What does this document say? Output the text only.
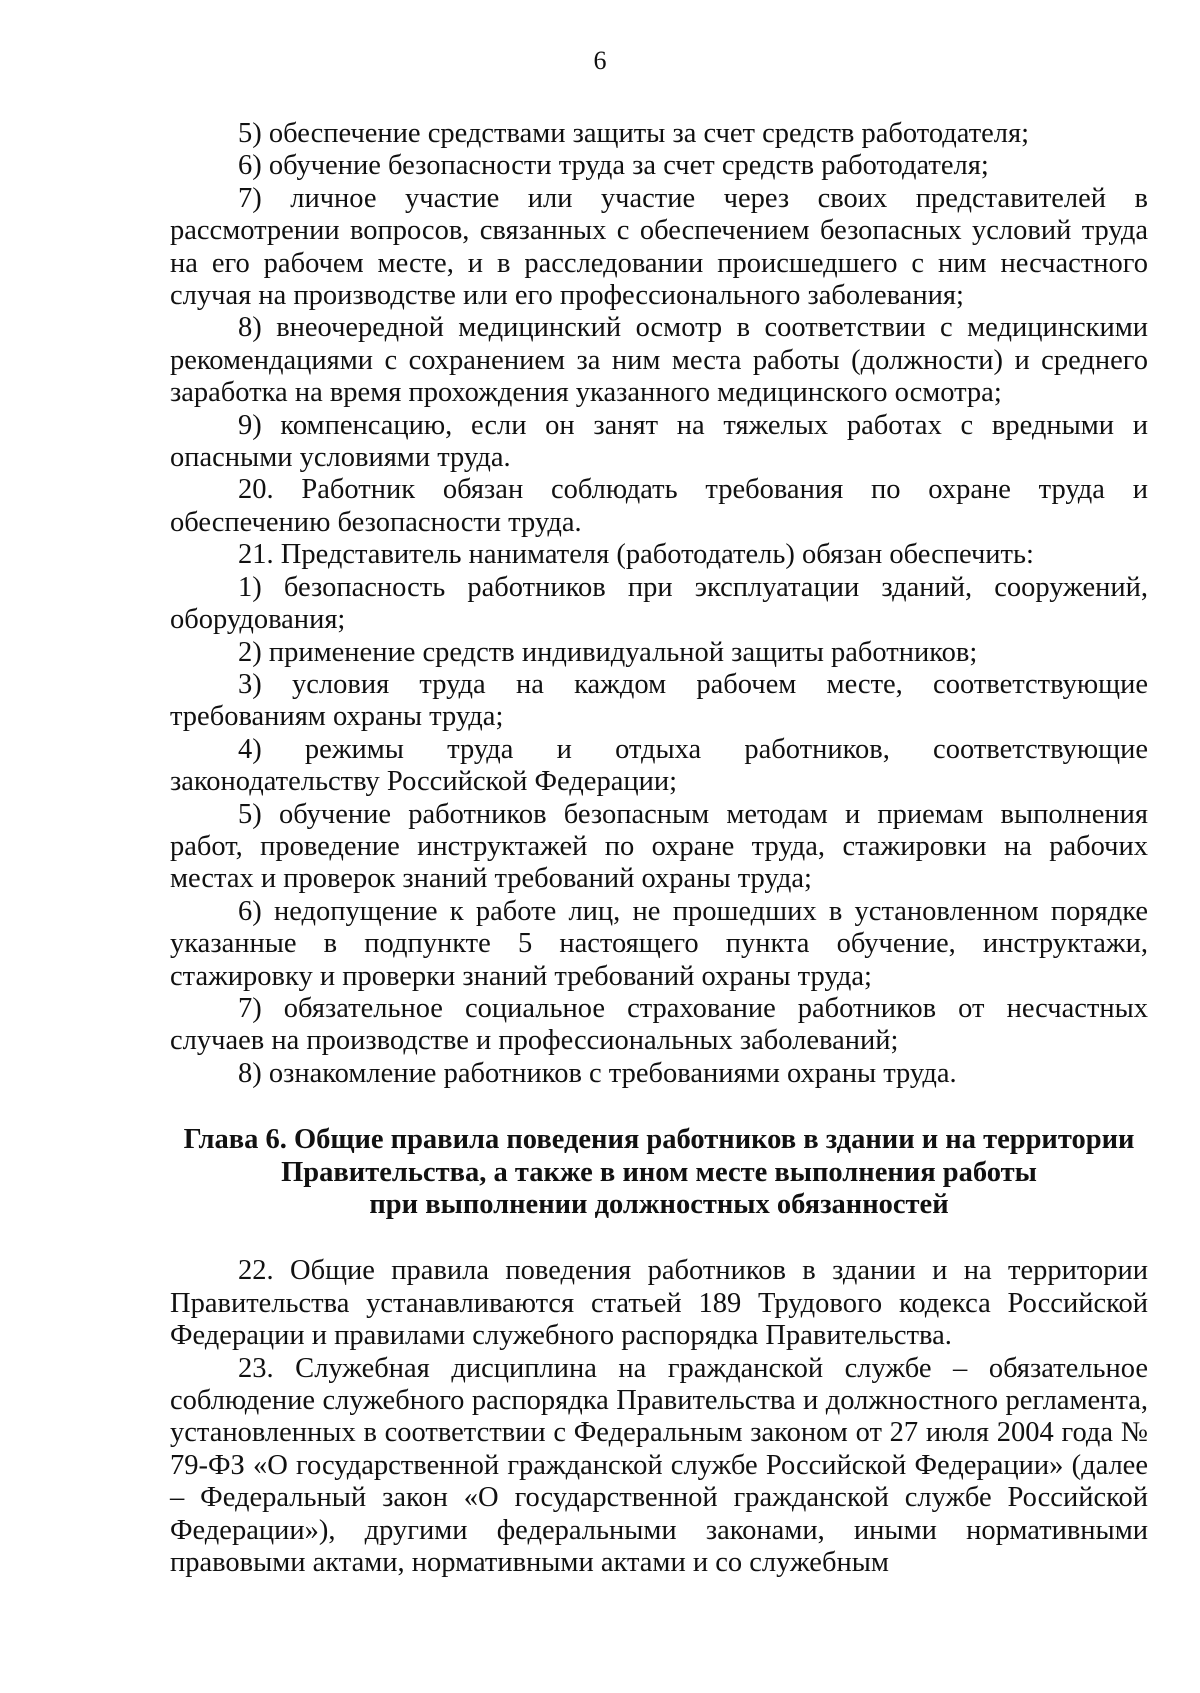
6

5) обеспечение средствами защиты за счет средств работодателя;

6) обучение безопасности труда за счет средств работодателя;

7) личное участие или участие через своих представителей в рассмотрении вопросов, связанных с обеспечением безопасных условий труда на его рабочем месте, и в расследовании происшедшего с ним несчастного случая на производстве или его профессионального заболевания;

8) внеочередной медицинский осмотр в соответствии с медицинскими рекомендациями с сохранением за ним места работы (должности) и среднего заработка на время прохождения указанного медицинского осмотра;

9) компенсацию, если он занят на тяжелых работах с вредными и опасными условиями труда.

20. Работник обязан соблюдать требования по охране труда и обеспечению безопасности труда.

21. Представитель нанимателя (работодатель) обязан обеспечить:

1) безопасность работников при эксплуатации зданий, сооружений, оборудования;

2) применение средств индивидуальной защиты работников;

3) условия труда на каждом рабочем месте, соответствующие требованиям охраны труда;

4) режимы труда и отдыха работников, соответствующие законодательству Российской Федерации;

5) обучение работников безопасным методам и приемам выполнения работ, проведение инструктажей по охране труда, стажировки на рабочих местах и проверок знаний требований охраны труда;

6) недопущение к работе лиц, не прошедших в установленном порядке указанные в подпункте 5 настоящего пункта обучение, инструктажи, стажировку и проверки знаний требований охраны труда;

7) обязательное социальное страхование работников от несчастных случаев на производстве и профессиональных заболеваний;

8) ознакомление работников с требованиями охраны труда.

Глава 6. Общие правила поведения работников в здании и на территории
Правительства, а также в ином месте выполнения работы
при выполнении должностных обязанностей

22. Общие правила поведения работников в здании и на территории Правительства устанавливаются статьей 189 Трудового кодекса Российской Федерации и правилами служебного распорядка Правительства.

23. Служебная дисциплина на гражданской службе – обязательное соблюдение служебного распорядка Правительства и должностного регламента, установленных в соответствии с Федеральным законом от 27 июля 2004 года № 79-ФЗ «О государственной гражданской службе Российской Федерации» (далее – Федеральный закон «О государственной гражданской службе Российской Федерации»), другими федеральными законами, иными нормативными правовыми актами, нормативными актами и со служебным
